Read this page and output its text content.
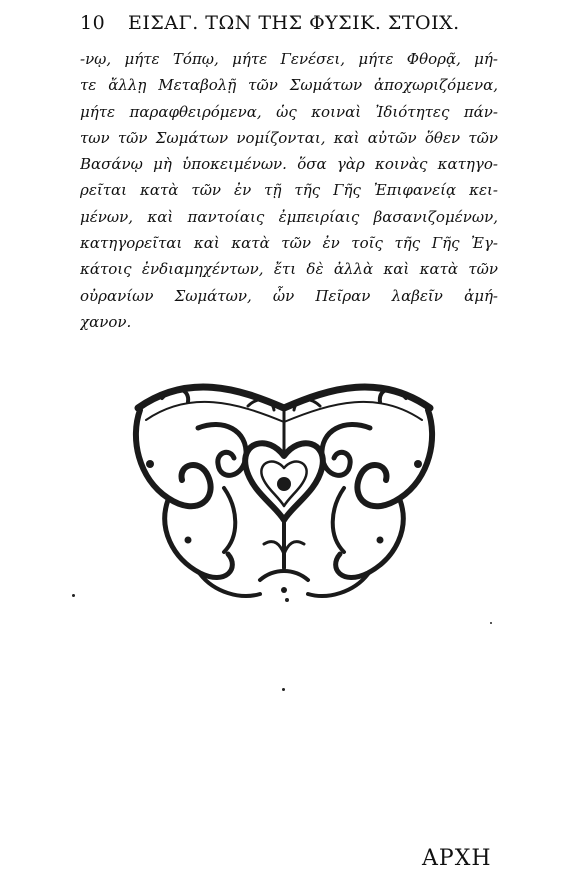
10 ΕΙΣΑΓ. ΤΩΝ ΤΗΣ ΦΥΣΙΚ. ΣΤΟΙΧ.
-νῳ, μήτε Τόπῳ, μήτε Γενέσει, μήτε Φθορᾷ, μή-
τε ἄλλῃ Μεταβολῇ τῶν Σωμάτων ἀποχωριζόμενα,
μήτε παραφθειρόμενα, ὡς κοιναὶ Ἰδιότητες πάν-
των τῶν Σωμάτων νομίζονται, καὶ αὐτῶν ὅθεν τῶν
Βασάνῳ μὴ ὑποκειμένων. ὅσα γὰρ κοινὰς κατηγο-
ρεῖται κατὰ τῶν ἐν τῇ τῆς Γῆς Ἐπιφανείᾳ κει-
μένων, καὶ παντοίαις ἐμπειρίαις βασανιζομένων,
κατηγορεῖται καὶ κατὰ τῶν ἐν τοῖς τῆς Γῆς Ἐγ-
κάτοις ἐνδιαμηχέντων, ἔτι δὲ ἀλλὰ καὶ κατὰ τῶν
οὐρανίων Σωμάτων, ὧν Πεῖραν λαβεῖν ἀμή-
χανον.
ΑΡΧΗ
